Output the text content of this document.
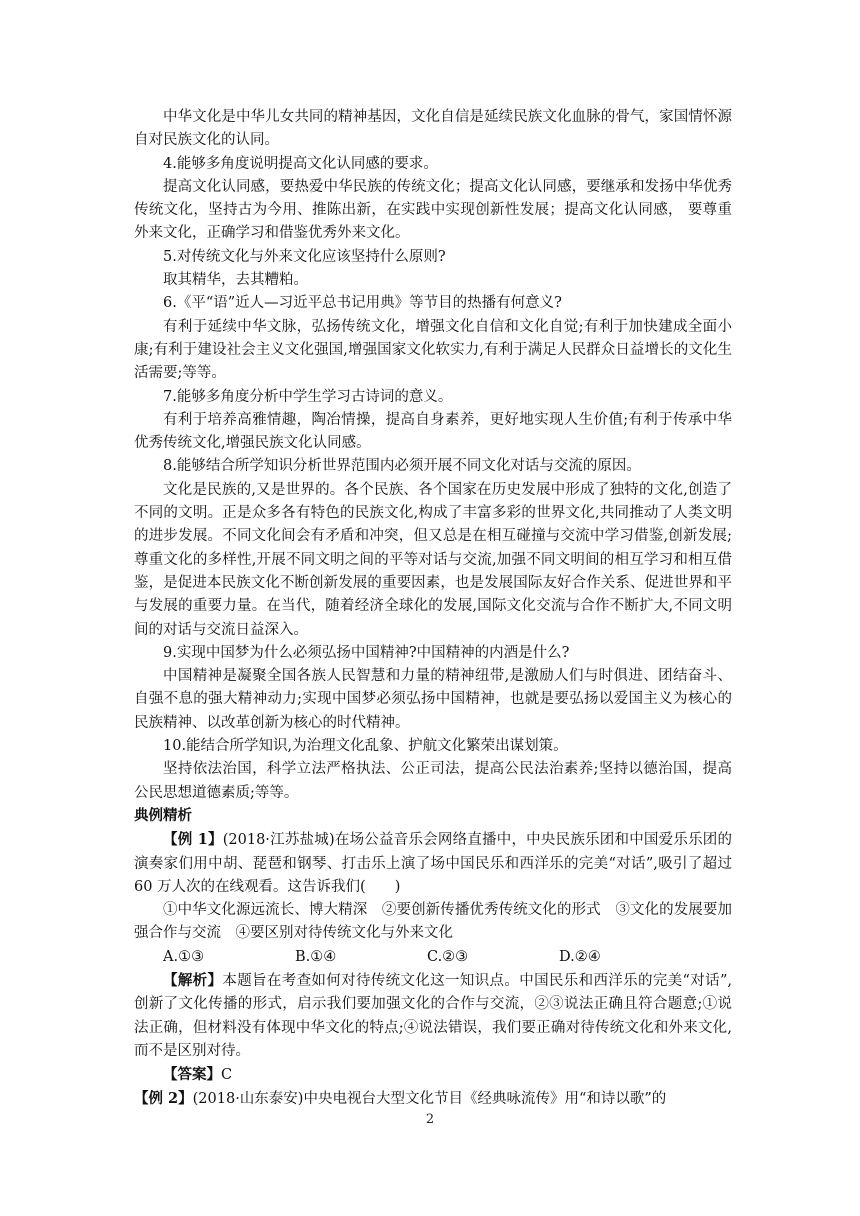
中华文化是中华儿女共同的精神基因，文化自信是延续民族文化血脉的骨气，家国情怀源自对民族文化的认同。

4.能够多角度说明提高文化认同感的要求。

提高文化认同感，要热爱中华民族的传统文化；提高文化认同感，要继承和发扬中华优秀传统文化，坚持古为今用、推陈出新，在实践中实现创新性发展；提高文化认同感， 要尊重外来文化，正确学习和借鉴优秀外来文化。

5.对传统文化与外来文化应该坚持什么原则?

取其精华，去其糟粕。

6.《平“语”近人—习近平总书记用典》等节目的热播有何意义?

有利于延续中华文脉，弘扬传统文化，增强文化自信和文化自觉;有利于加快建成全面小康;有利于建设社会主义文化强国,增强国家文化软实力,有利于满足人民群众日益增长的文化生活需要;等等。

7.能够多角度分析中学生学习古诗词的意义。

有利于培养高雅情趣，陶冶情操，提高自身素养，更好地实现人生价值;有利于传承中华优秀传统文化,增强民族文化认同感。

8.能够结合所学知识分析世界范围内必须开展不同文化对话与交流的原因。

文化是民族的,又是世界的。各个民族、各个国家在历史发展中形成了独特的文化,创造了不同的文明。正是众多各有特色的民族文化,构成了丰富多彩的世界文化,共同推动了人类文明的进步发展。不同文化间会有矛盾和冲突，但又总是在相互碰撞与交流中学习借鉴,创新发展;尊重文化的多样性,开展不同文明之间的平等对话与交流,加强不同文明间的相互学习和相互借鉴，是促进本民族文化不断创新发展的重要因素，也是发展国际友好合作关系、促进世界和平与发展的重要力量。在当代，随着经济全球化的发展,国际文化交流与合作不断扩大,不同文明间的对话与交流日益深入。

9.实现中国梦为什么必须弘扬中国精神?中国精神的内酒是什么?

中国精神是凝聚全国各族人民智慧和力量的精神纽带,是激励人们与时俱进、团结奋斗、自强不息的强大精神动力;实现中国梦必须弘扬中国精神，也就是要弘扬以爱国主义为核心的民族精神、以改革创新为核心的时代精神。

10.能结合所学知识,为治理文化乱象、护航文化繁荣出谋划策。

坚持依法治国，科学立法严格执法、公正司法，提高公民法治素养;坚持以德治国，提高公民思想道德素质;等等。

典例精析

【例 1】(2018·江苏盐城)在场公益音乐会网络直播中，中央民族乐团和中国爱乐乐团的演奏家们用中胡、琵琶和钢琴、打击乐上演了场中国民乐和西洋乐的完美“对话”,吸引了超过 60 万人次的在线观看。这告诉我们(　　)

①中华文化源远流长、博大精深　②要创新传播优秀传统文化的形式　③文化的发展要加强合作与交流　④要区别对待传统文化与外来文化

A.①③	B.①④	C.②③	D.②④

【解析】本题旨在考查如何对待传统文化这一知识点。中国民乐和西洋乐的完美“对话”,创新了文化传播的形式，启示我们要加强文化的合作与交流，②③说法正确且符合题意;①说法正确，但材料没有体现中华文化的特点;④说法错误，我们要正确对待传统文化和外来文化,而不是区别对待。

【答案】C

【例 2】(2018·山东泰安)中央电视台大型文化节目《经典咏流传》用“和诗以歌”的

2
